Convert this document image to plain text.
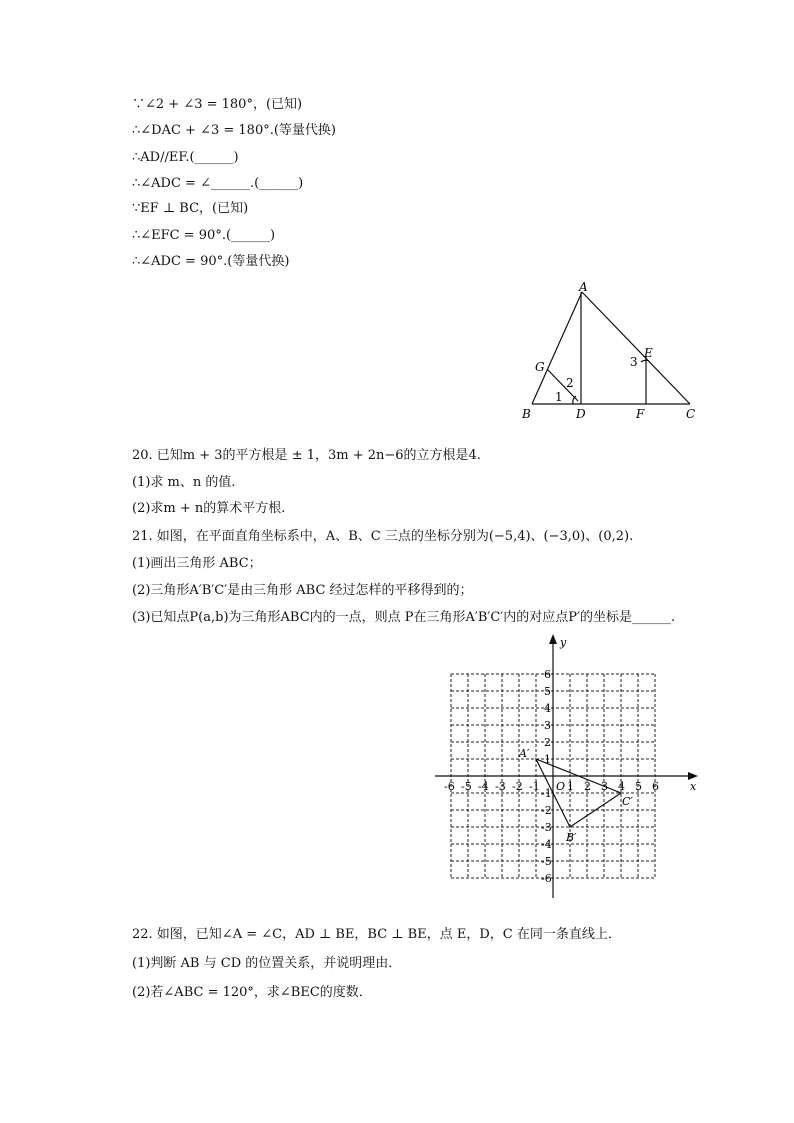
∵∠2 + ∠3 = 180°，(已知)
∴∠DAC + ∠3 = 180°.(等量代换)
∴AD//EF.(______)
∴∠ADC = ∠______.(______)
∵EF ⊥ BC，(已知)
∴∠EFC = 90°.(______)
∴∠ADC = 90°.(等量代换)
A
G
E
B	D	F	C
1
2
3
20. 已知m + 3的平方根是 ± 1，3m + 2n−6的立方根是4.
(1)求 m、n 的值.
(2)求m + n的算术平方根.
21. 如图，在平面直角坐标系中，A、B、C 三点的坐标分别为(−5,4)、(−3,0)、(0,2).
(1)画出三角形 ABC；
(2)三角形A′B′C′是由三角形 ABC 经过怎样的平移得到的；
(3)已知点P(a,b)为三角形ABC内的一点，则点 P在三角形A′B′C′内的对应点P′的坐标是______.
x
y
O
-6 -5 -4 -3 -2 -1 1 2 3 4 5 6
6
5
4
3
2
1
-1
-2
-3
-4
-5
-6
A′
B′
C′
22. 如图，已知∠A = ∠C，AD ⊥ BE，BC ⊥ BE，点 E，D，C 在同一条直线上．
(1)判断 AB 与 CD 的位置关系，并说明理由．
(2)若∠ABC = 120°，求∠BEC的度数．
